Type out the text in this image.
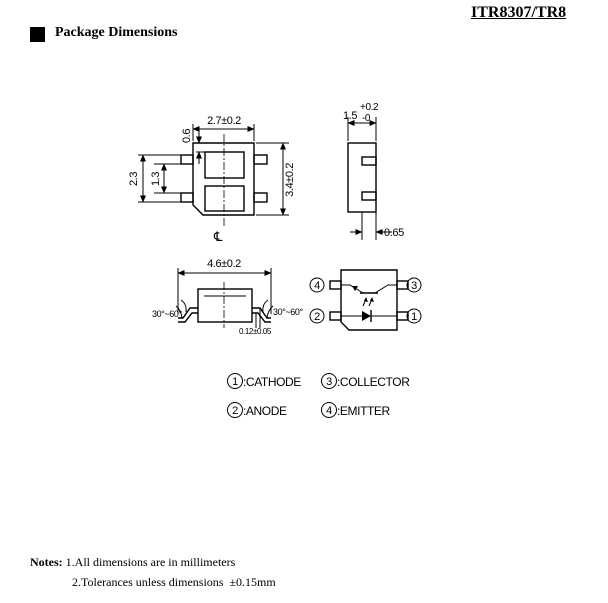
ITR8307/TR8
Package Dimensions
℄
2.7±0.2
0.6
2.3 1.3	3.4±0.2
1.5
+0.2
-0
0.65
4.6±0.2
30°~60°	30°~60°
0.12±0.05
4
2
3
1
1 :CATHODE 3 :COLLECTOR
2 :ANODE	4 :EMITTER
Notes: 1.All dimensions are in millimeters
2.Tolerances unless dimensions  ±0.15mm
